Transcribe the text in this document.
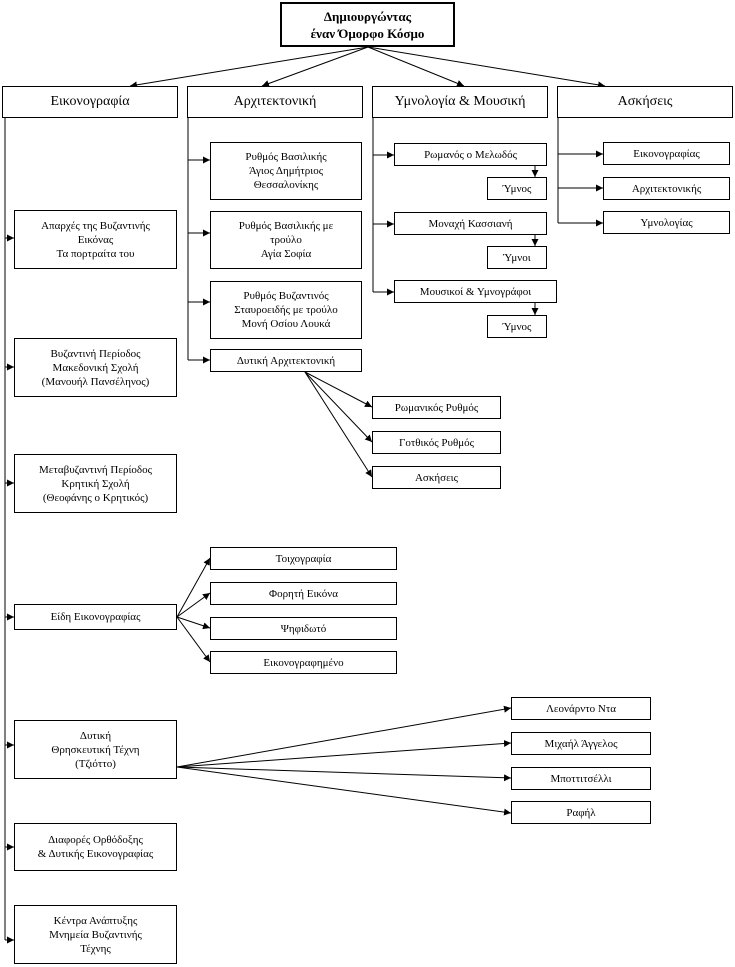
Δημιουργώντας
έναν Όμορφο Κόσμο
Εικονογραφία	Αρχιτεκτονική	Υμνολογία & Μουσική	Ασκήσεις
Απαρχές της Βυζαντινής
Εικόνας
Τα πορτραίτα του
Βυζαντινή Περίοδος
Μακεδονική Σχολή
(Μανουήλ Πανσέληνος)
Μεταβυζαντινή Περίοδος
Κρητική Σχολή
(Θεοφάνης ο Κρητικός)
Είδη Εικονογραφίας
Δυτική
Θρησκευτική Τέχνη
(Τζιόττο)
Διαφορές Ορθόδοξης
& Δυτικής Εικονογραφίας
Κέντρα Ανάπτυξης
Μνημεία Βυζαντινής
Τέχνης
Τοιχογραφία
Φορητή Εικόνα
Ψηφιδωτό
Εικονογραφημένο
Λεονάρντο Ντα
Μιχαήλ Άγγελος
Μποττιτσέλλι
Ραφήλ
Ρυθμός Βασιλικής
Άγιος Δημήτριος
Θεσσαλονίκης
Ρυθμός Βασιλικής με
τρούλο
Αγία Σοφία
Ρυθμός Βυζαντινός
Σταυροειδής με τρούλο
Μονή Οσίου Λουκά
Δυτική Αρχιτεκτονική
Ρωμανικός Ρυθμός
Γοτθικός Ρυθμός
Ασκήσεις
Ρωμανός ο Μελωδός
Ύμνος
Μοναχή Κασσιανή
Ύμνοι
Μουσικοί & Υμνογράφοι
Ύμνος
Εικονογραφίας
Αρχιτεκτονικής
Υμνολογίας
